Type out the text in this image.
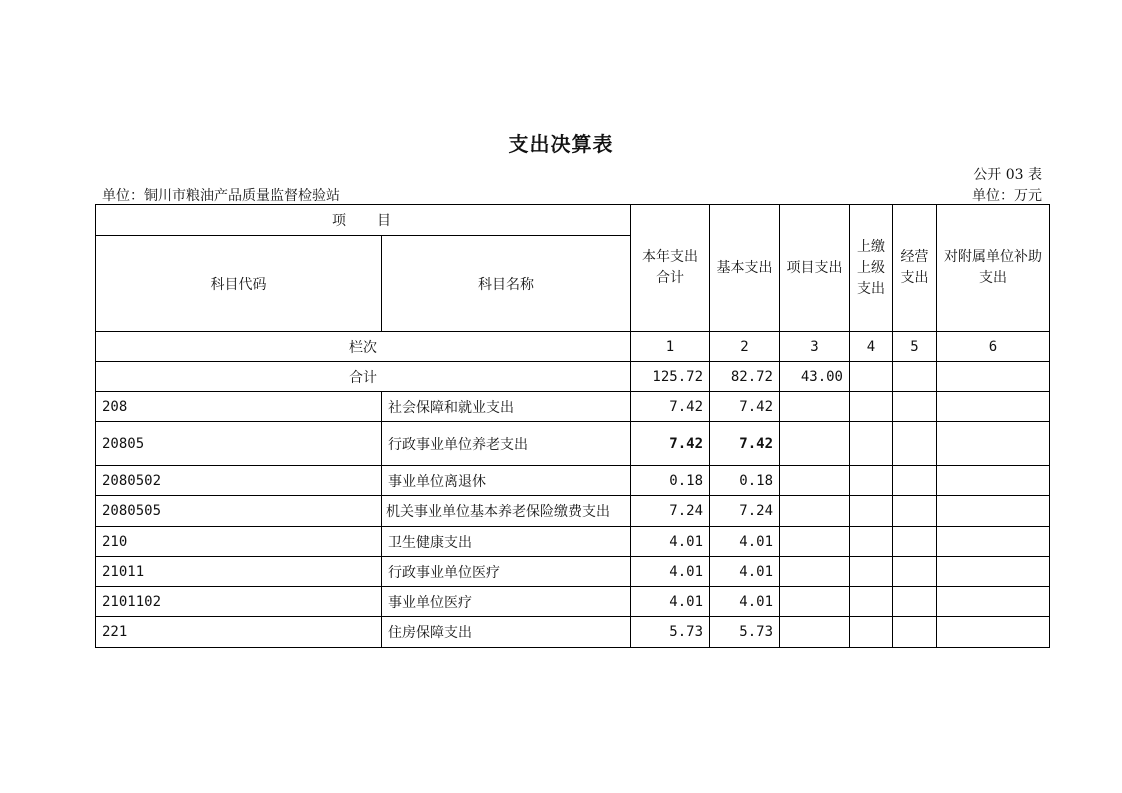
支出决算表
公开 03 表
单位：铜川市粮油产品质量监督检验站	单位：万元
项 目		本年支出合计	基本支出	项目支出	上缴上级支出	经营支出	对附属单位补助支出
科目代码	科目名称						
栏次		1	2	3	4	5	6
合计		125.72	82.72	43.00			
208	社会保障和就业支出	7.42	7.42				
20805	行政事业单位养老支出	7.42	7.42				
2080502	事业单位离退休	0.18	0.18				
2080505	机关事业单位基本养老保险缴费支出	7.24	7.24				
210	卫生健康支出	4.01	4.01				
21011	行政事业单位医疗	4.01	4.01				
2101102	事业单位医疗	4.01	4.01				
221	住房保障支出	5.73	5.73				
